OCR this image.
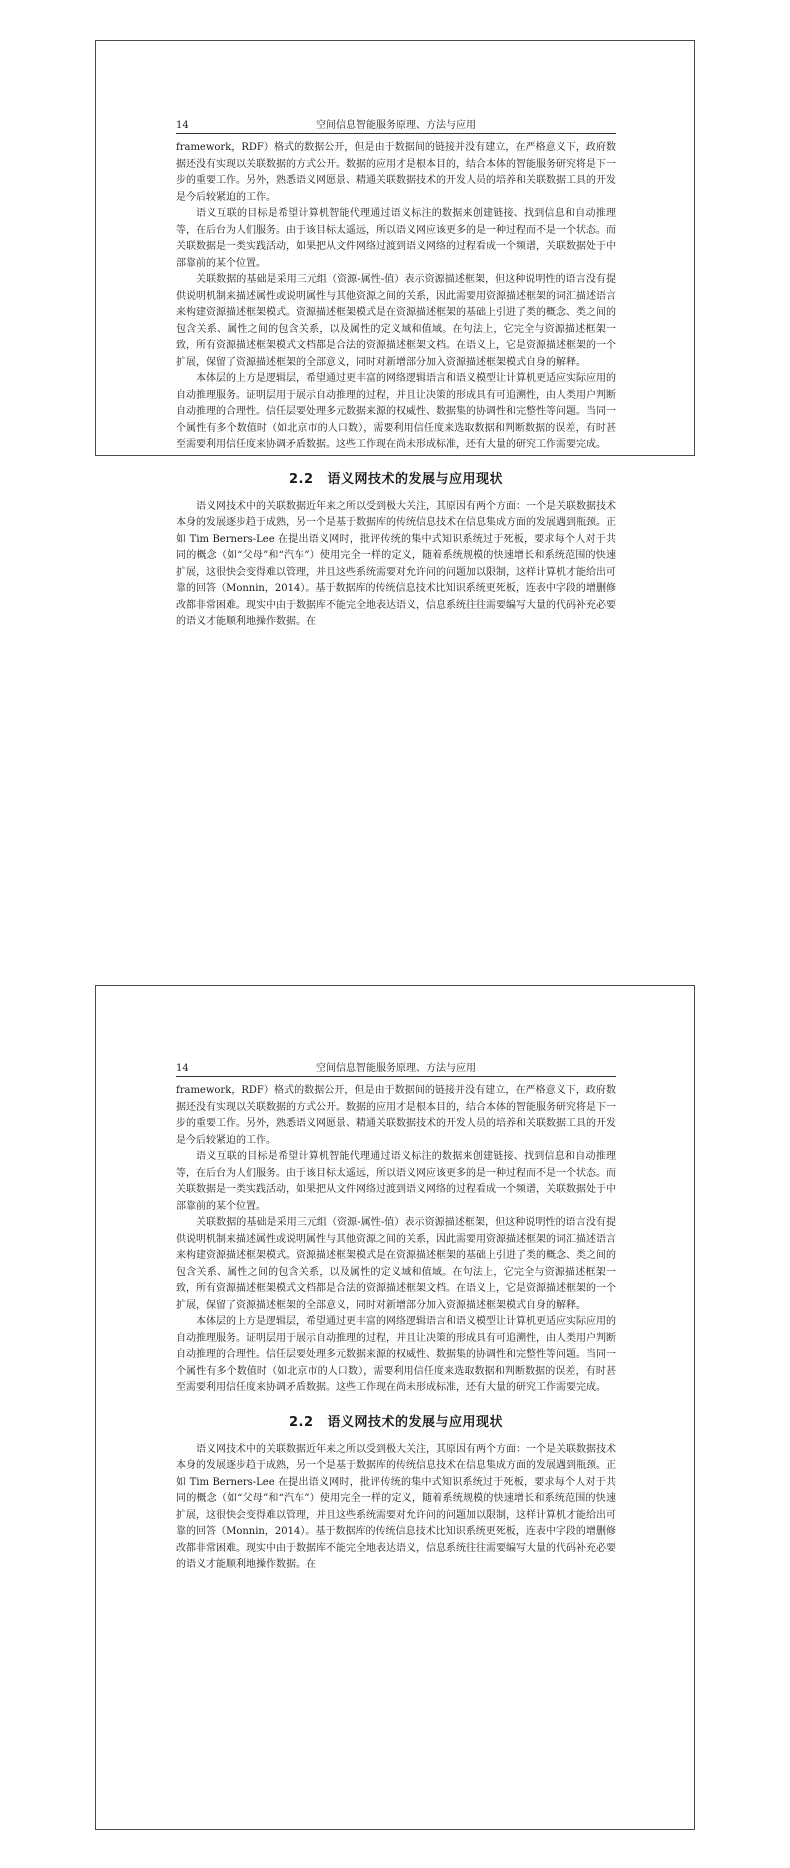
14	空间信息智能服务原理、方法与应用

framework，RDF）格式的数据公开，但是由于数据间的链接并没有建立，在严格意义下，政府数据还没有实现以关联数据的方式公开。数据的应用才是根本目的，结合本体的智能服务研究将是下一步的重要工作。另外，熟悉语义网愿景、精通关联数据技术的开发人员的培养和关联数据工具的开发是今后较紧迫的工作。

语义互联的目标是希望计算机智能代理通过语义标注的数据来创建链接、找到信息和自动推理等，在后台为人们服务。由于该目标太遥远，所以语义网应该更多的是一种过程而不是一个状态。而关联数据是一类实践活动，如果把从文件网络过渡到语义网络的过程看成一个频谱，关联数据处于中部靠前的某个位置。

关联数据的基础是采用三元组（资源-属性-值）表示资源描述框架，但这种说明性的语言没有提供说明机制来描述属性或说明属性与其他资源之间的关系，因此需要用资源描述框架的词汇描述语言来构建资源描述框架模式。资源描述框架模式是在资源描述框架的基础上引进了类的概念、类之间的包含关系、属性之间的包含关系，以及属性的定义域和值域。在句法上，它完全与资源描述框架一致，所有资源描述框架模式文档都是合法的资源描述框架文档。在语义上，它是资源描述框架的一个扩展，保留了资源描述框架的全部意义，同时对新增部分加入资源描述框架模式自身的解释。

本体层的上方是逻辑层，希望通过更丰富的网络逻辑语言和语义模型让计算机更适应实际应用的自动推理服务。证明层用于展示自动推理的过程，并且让决策的形成具有可追溯性，由人类用户判断自动推理的合理性。信任层要处理多元数据来源的权威性、数据集的协调性和完整性等问题。当同一个属性有多个数值时（如北京市的人口数），需要利用信任度来选取数据和判断数据的误差，有时甚至需要利用信任度来协调矛盾数据。这些工作现在尚未形成标准，还有大量的研究工作需要完成。

2.2 语义网技术的发展与应用现状

语义网技术中的关联数据近年来之所以受到极大关注，其原因有两个方面：一个是关联数据技术本身的发展逐步趋于成熟，另一个是基于数据库的传统信息技术在信息集成方面的发展遇到瓶颈。正如 Tim Berners-Lee 在提出语义网时，批评传统的集中式知识系统过于死板，要求每个人对于共同的概念（如“父母”和“汽车”）使用完全一样的定义，随着系统规模的快速增长和系统范围的快速扩展，这很快会变得难以管理，并且这些系统需要对允许问的问题加以限制，这样计算机才能给出可靠的回答（Monnin，2014）。基于数据库的传统信息技术比知识系统更死板，连表中字段的增删修改都非常困难。现实中由于数据库不能完全地表达语义，信息系统往往需要编写大量的代码补充必要的语义才能顺利地操作数据。在

14	空间信息智能服务原理、方法与应用

framework，RDF）格式的数据公开，但是由于数据间的链接并没有建立，在严格意义下，政府数据还没有实现以关联数据的方式公开。数据的应用才是根本目的，结合本体的智能服务研究将是下一步的重要工作。另外，熟悉语义网愿景、精通关联数据技术的开发人员的培养和关联数据工具的开发是今后较紧迫的工作。

语义互联的目标是希望计算机智能代理通过语义标注的数据来创建链接、找到信息和自动推理等，在后台为人们服务。由于该目标太遥远，所以语义网应该更多的是一种过程而不是一个状态。而关联数据是一类实践活动，如果把从文件网络过渡到语义网络的过程看成一个频谱，关联数据处于中部靠前的某个位置。

关联数据的基础是采用三元组（资源-属性-值）表示资源描述框架，但这种说明性的语言没有提供说明机制来描述属性或说明属性与其他资源之间的关系，因此需要用资源描述框架的词汇描述语言来构建资源描述框架模式。资源描述框架模式是在资源描述框架的基础上引进了类的概念、类之间的包含关系、属性之间的包含关系，以及属性的定义域和值域。在句法上，它完全与资源描述框架一致，所有资源描述框架模式文档都是合法的资源描述框架文档。在语义上，它是资源描述框架的一个扩展，保留了资源描述框架的全部意义，同时对新增部分加入资源描述框架模式自身的解释。

本体层的上方是逻辑层，希望通过更丰富的网络逻辑语言和语义模型让计算机更适应实际应用的自动推理服务。证明层用于展示自动推理的过程，并且让决策的形成具有可追溯性，由人类用户判断自动推理的合理性。信任层要处理多元数据来源的权威性、数据集的协调性和完整性等问题。当同一个属性有多个数值时（如北京市的人口数），需要利用信任度来选取数据和判断数据的误差，有时甚至需要利用信任度来协调矛盾数据。这些工作现在尚未形成标准，还有大量的研究工作需要完成。

2.2 语义网技术的发展与应用现状

语义网技术中的关联数据近年来之所以受到极大关注，其原因有两个方面：一个是关联数据技术本身的发展逐步趋于成熟，另一个是基于数据库的传统信息技术在信息集成方面的发展遇到瓶颈。正如 Tim Berners-Lee 在提出语义网时，批评传统的集中式知识系统过于死板，要求每个人对于共同的概念（如“父母”和“汽车”）使用完全一样的定义，随着系统规模的快速增长和系统范围的快速扩展，这很快会变得难以管理，并且这些系统需要对允许问的问题加以限制，这样计算机才能给出可靠的回答（Monnin，2014）。基于数据库的传统信息技术比知识系统更死板，连表中字段的增删修改都非常困难。现实中由于数据库不能完全地表达语义，信息系统往往需要编写大量的代码补充必要的语义才能顺利地操作数据。在
